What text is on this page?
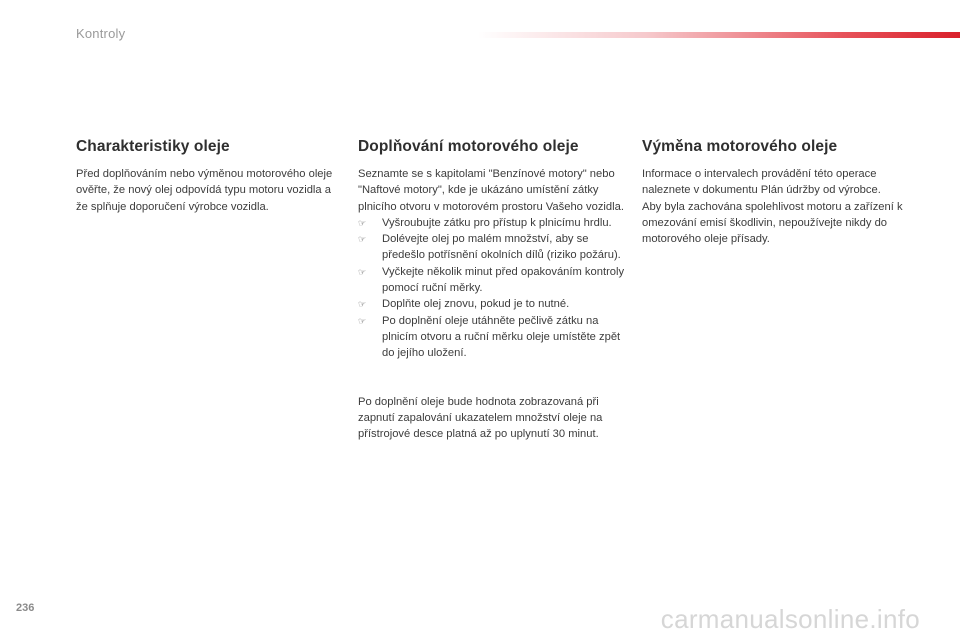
Kontroly
Charakteristiky oleje

Před doplňováním nebo výměnou motorového oleje ověřte, že nový olej odpovídá typu motoru vozidla a že splňuje doporučení výrobce vozidla.

Doplňování motorového oleje

Seznamte se s kapitolami "Benzínové motory" nebo "Naftové motory", kde je ukázáno umístění zátky plnicího otvoru v motorovém prostoru Vašeho vozidla.

☞ Vyšroubujte zátku pro přístup k plnicímu hrdlu.
☞ Dolévejte olej po malém množství, aby se předešlo potřísnění okolních dílů (riziko požáru).
☞ Vyčkejte několik minut před opakováním kontroly pomocí ruční měrky.
☞ Doplňte olej znovu, pokud je to nutné.
☞ Po doplnění oleje utáhněte pečlivě zátku na plnicím otvoru a ruční měrku oleje umístěte zpět do jejího uložení.

Po doplnění oleje bude hodnota zobrazovaná při zapnutí zapalování ukazatelem množství oleje na přístrojové desce platná až po uplynutí 30 minut.

Výměna motorového oleje

Informace o intervalech provádění této operace naleznete v dokumentu Plán údržby od výrobce.

Aby byla zachována spolehlivost motoru a zařízení k omezování emisí škodlivin, nepoužívejte nikdy do motorového oleje přísady.

236	carmanualsonline.info
